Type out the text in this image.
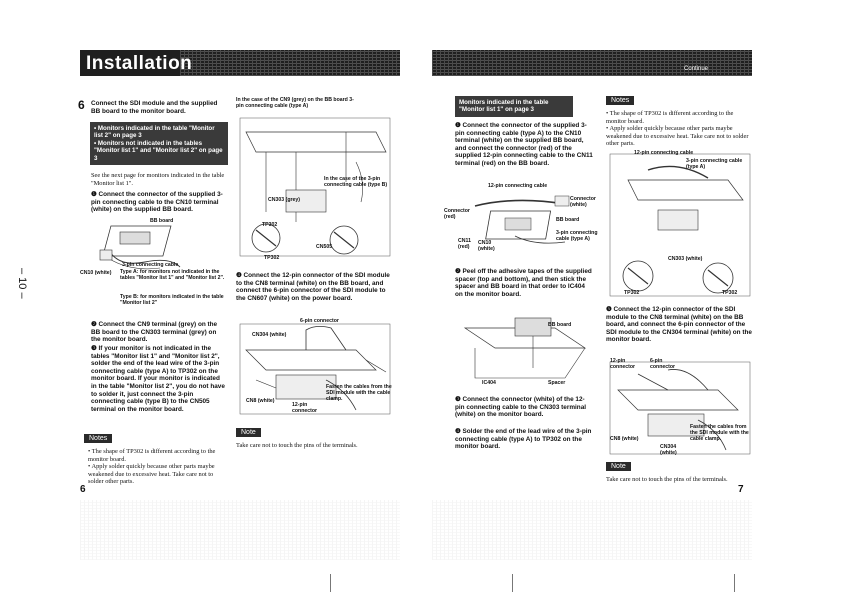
Installation
6 Connect the SDI module and the supplied BB board to the monitor board.
• Monitors indicated in the table "Monitor list 2" on page 3
• Monitors not indicated in the tables "Monitor list 1" and "Monitor list 2" on page 3
See the next page for monitors indicated in the table "Monitor list 1".
❶ Connect the connector of the supplied 3-pin connecting cable to the CN10 terminal (white) on the supplied BB board.
BB board
3-pin connecting cable
CN10 (white) Type A: for monitors not indicated in the tables "Monitor list 1" and "Monitor list 2".
Type B: for monitors indicated in the table "Monitor list 2"
❷ Connect the CN9 terminal (grey) on the BB board to the CN303 terminal (grey) on the monitor board.
❸ If your monitor is not indicated in the tables "Monitor list 1" and "Monitor list 2", solder the end of the lead wire of the 3-pin connecting cable (type A) to TP302 on the monitor board. If your monitor is indicated in the table "Monitor list 2", you do not have to solder it, just connect the 3-pin connecting cable (type B) to the CN505 terminal on the monitor board.
Notes
• The shape of TP302 is different according to the monitor board.
• Apply solder quickly because other parts maybe weakened due to excessive heat. Take care not to solder other parts.
6
In the case of the CN9 (grey) on the BB board 3-pin connecting cable (type A)
In the case of the 3-pin connecting cable (type B)
CN303 (grey)
TP302
TP302
CN505
❹ Connect the 12-pin connector of the SDI module to the CN8 terminal (white) on the BB board, and connect the 6-pin connector of the SDI module to the CN607 (white) on the power board.
6-pin connector
CN304 (white)
CN8 (white)
12-pin connector
Fasten the cables from the SDI module with the cable clamp.
Note
Take care not to touch the pins of the terminals.
– 10 –
Continue
Monitors indicated in the table "Monitor list 1" on page 3
❶ Connect the connector of the supplied 3-pin connecting cable (type A) to the CN10 terminal (white) on the supplied BB board, and connect the connector (red) of the supplied 12-pin connecting cable to the CN11 terminal (red) on the BB board.
12-pin connecting cable
Connector (red)
Connector (white)
BB board
3-pin connecting cable (type A)
CN11 (red)
CN10 (white)
❷ Peel off the adhesive tapes of the supplied spacer (top and bottom), and then stick the spacer and BB board in that order to IC404 on the monitor board.
BB board
IC404	Spacer
❸ Connect the connector (white) of the 12-pin connecting cable to the CN303 terminal (white) on the monitor board.
❹ Solder the end of the lead wire of the 3-pin connecting cable (type A) to TP302 on the monitor board.
Notes
• The shape of TP302 is different according to the monitor board.
• Apply solder quickly because other parts maybe weakened due to excessive heat. Take care not to solder other parts.
12-pin connecting cable
3-pin connecting cable (type A)
CN303 (white)
TP302	TP302
❺ Connect the 12-pin connector of the SDI module to the CN8 terminal (white) on the BB board, and connect the 6-pin connector of the SDI module to the CN304 terminal (white) on the monitor board.
12-pin connector
6-pin connector
CN8 (white)
CN304 (white)
Fasten the cables from the SDI module with the cable clamp.
Note
Take care not to touch the pins of the terminals.
7
